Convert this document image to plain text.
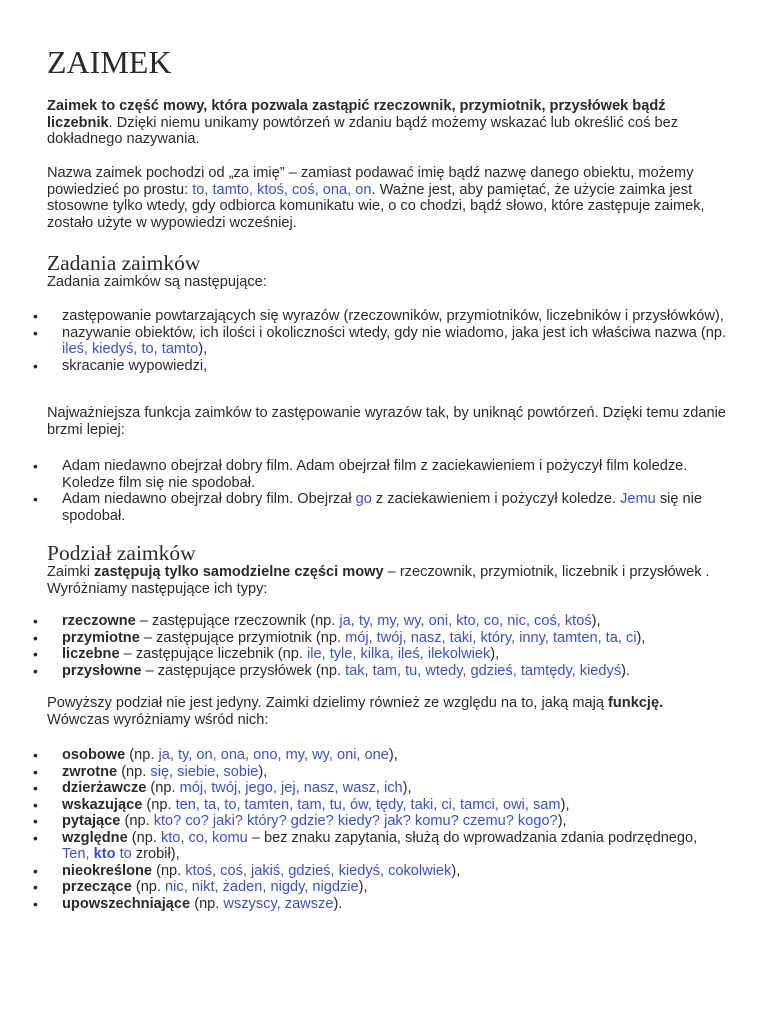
ZAIMEK

Zaimek to część mowy, która pozwala zastąpić rzeczownik, przymiotnik, przysłówek bądź liczebnik. Dzięki niemu unikamy powtórzeń w zdaniu bądź możemy wskazać lub określić coś bez dokładnego nazywania.

Nazwa zaimek pochodzi od „za imię” – zamiast podawać imię bądź nazwę danego obiektu, możemy powiedzieć po prostu: to, tamto, ktoś, coś, ona, on. Ważne jest, aby pamiętać, że użycie zaimka jest stosowne tylko wtedy, gdy odbiorca komunikatu wie, o co chodzi, bądź słowo, które zastępuje zaimek, zostało użyte w wypowiedzi wcześniej.

Zadania zaimków

Zadania zaimków są następujące:

•	zastępowanie powtarzających się wyrazów (rzeczowników, przymiotników, liczebników i przysłówków),
•	nazywanie obiektów, ich ilości i okoliczności wtedy, gdy nie wiadomo, jaka jest ich właściwa nazwa (np. ileś, kiedyś, to, tamto),
•	skracanie wypowiedzi,

Najważniejsza funkcja zaimków to zastępowanie wyrazów tak, by uniknąć powtórzeń. Dzięki temu zdanie brzmi lepiej:

•	Adam niedawno obejrzał dobry film. Adam obejrzał film z zaciekawieniem i pożyczył film koledze. Koledze film się nie spodobał.
•	Adam niedawno obejrzał dobry film. Obejrzał go z zaciekawieniem i pożyczył koledze. Jemu się nie spodobał.
Podział zaimków

Zaimki zastępują tylko samodzielne części mowy – rzeczownik, przymiotnik, liczebnik i przysłówek . Wyróżniamy następujące ich typy:

•	rzeczowne – zastępujące rzeczownik (np. ja, ty, my, wy, oni, kto, co, nic, coś, ktoś),
•	przymiotne – zastępujące przymiotnik (np. mój, twój, nasz, taki, który, inny, tamten, ta, ci),
•	liczebne – zastępujące liczebnik (np. ile, tyle, kilka, ileś, ilekolwiek),
•	przysłowne – zastępujące przysłówek (np. tak, tam, tu, wtedy, gdzieś, tamtędy, kiedyś).

Powyższy podział nie jest jedyny. Zaimki dzielimy również ze względu na to, jaką mają funkcję. Wówczas wyróżniamy wśród nich:

•	osobowe (np. ja, ty, on, ona, ono, my, wy, oni, one),
•	zwrotne (np. się, siebie, sobie),
•	dzierżawcze (np. mój, twój, jego, jej, nasz, wasz, ich),
•	wskazujące (np. ten, ta, to, tamten, tam, tu, ów, tędy, taki, ci, tamci, owi, sam),
•	pytające (np. kto? co? jaki? który? gdzie? kiedy? jak? komu? czemu? kogo?),
•	względne (np. kto, co, komu – bez znaku zapytania, służą do wprowadzania zdania podrzędnego, Ten, kto to zrobił),
•	nieokreślone (np. ktoś, coś, jakiś, gdzieś, kiedyś, cokolwiek),
•	przeczące (np. nic, nikt, żaden, nigdy, nigdzie),
•	upowszechniające (np. wszyscy, zawsze).
